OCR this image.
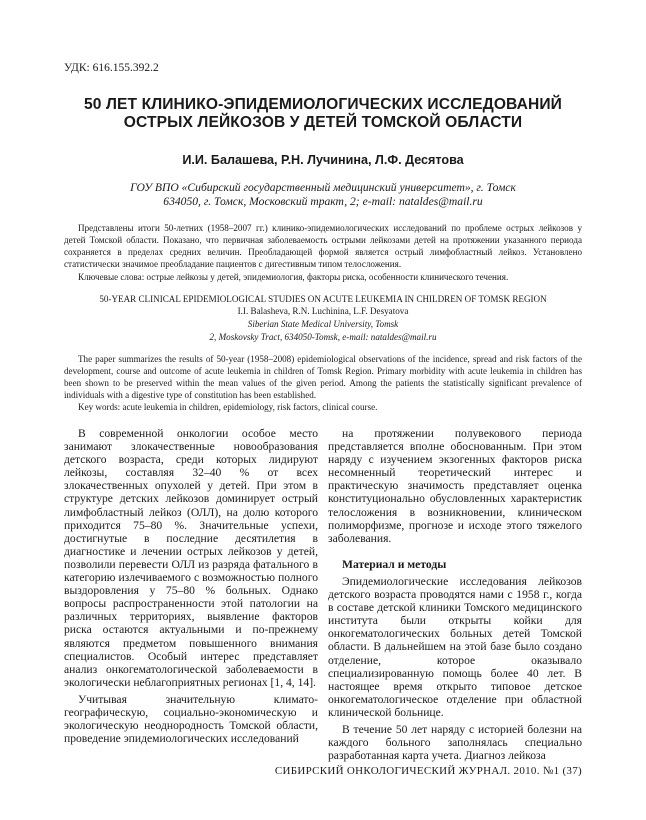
УДК: 616.155.392.2
50 ЛЕТ КЛИНИКО-ЭПИДЕМИОЛОГИЧЕСКИХ ИССЛЕДОВАНИЙ
ОСТРЫХ ЛЕЙКОЗОВ У ДЕТЕЙ ТОМСКОЙ ОБЛАСТИ
И.И. Балашева, Р.Н. Лучинина, Л.Ф. Десятова
ГОУ ВПО «Сибирский государственный медицинский университет», г. Томск
634050, г. Томск, Московский тракт, 2; e-mail: nataldes@mail.ru
Представлены итоги 50-летних (1958–2007 гг.) клинико-эпидемиологических исследований по проблеме острых лейкозов у детей Томской области. Показано, что первичная заболеваемость острыми лейкозами детей на протяжении указанного периода сохраняется в пределах средних величин. Преобладающей формой является острый лимфобластный лейкоз. Установлено статистически значимое преобладание пациентов с дигестивным типом телосложения.
Ключевые слова: острые лейкозы у детей, эпидемиология, факторы риска, особенности клинического течения.
50-YEAR CLINICAL EPIDEMIOLOGICAL STUDIES ON ACUTE LEUKEMIA IN CHILDREN OF TOMSK REGION
I.I. Balasheva, R.N. Luchinina, L.F. Desyatova
Siberian State Medical University, Tomsk
2, Moskovsky Tract, 634050-Tomsk, e-mail: nataldes@mail.ru
The paper summarizes the results of 50-year (1958–2008) epidemiological observations of the incidence, spread and risk factors of the development, course and outcome of acute leukemia in children of Tomsk Region. Primary morbidity with acute leukemia in children has been shown to be preserved within the mean values of the given period. Among the patients the statistically significant prevalence of individuals with a digestive type of constitution has been established.
Key words: acute leukemia in children, epidemiology, risk factors, clinical course.

В современной онкологии особое место занимают злокачественные новообразования детского возраста, среди которых лидируют лейкозы, составляя 32–40 % от всех злокачественных опухолей у детей. При этом в структуре детских лейкозов доминирует острый лимфобластный лейкоз (ОЛЛ), на долю которого приходится 75–80 %. Значительные успехи, достигнутые в последние десятилетия в диагностике и лечении острых лейкозов у детей, позволили перевести ОЛЛ из разряда фатального в категорию излечиваемого с возможностью полного выздоровления у 75–80 % больных. Однако вопросы распространенности этой патологии на различных территориях, выявление факторов риска остаются актуальными и по-прежнему являются предметом повышенного внимания специалистов. Особый интерес представляет анализ онкогематологической заболеваемости в экологически неблагоприятных регионах [1, 4, 14].

Учитывая значительную климато-географическую, социально-экономическую и экологическую неоднородность Томской области, проведение эпидемиологических исследований

на протяжении полувекового периода представляется вполне обоснованным. При этом наряду с изучением экзогенных факторов риска несомненный теоретический интерес и практическую значимость представляет оценка конституционально обусловленных характеристик телосложения в возникновении, клиническом полиморфизме, прогнозе и исходе этого тяжелого заболевания.

Материал и методы

Эпидемиологические исследования лейкозов детского возраста проводятся нами с 1958 г., когда в составе детской клиники Томского медицинского института были открыты койки для онкогематологических больных детей Томской области. В дальнейшем на этой базе было создано отделение, которое оказывало специализированную помощь более 40 лет. В настоящее время открыто типовое детское онкогематологическое отделение при областной клинической больнице.

В течение 50 лет наряду с историей болезни на каждого больного заполнялась специально разработанная карта учета. Диагноз лейкоза

СИБИРСКИЙ ОНКОЛОГИЧЕСКИЙ ЖУРНАЛ. 2010. №1 (37)
